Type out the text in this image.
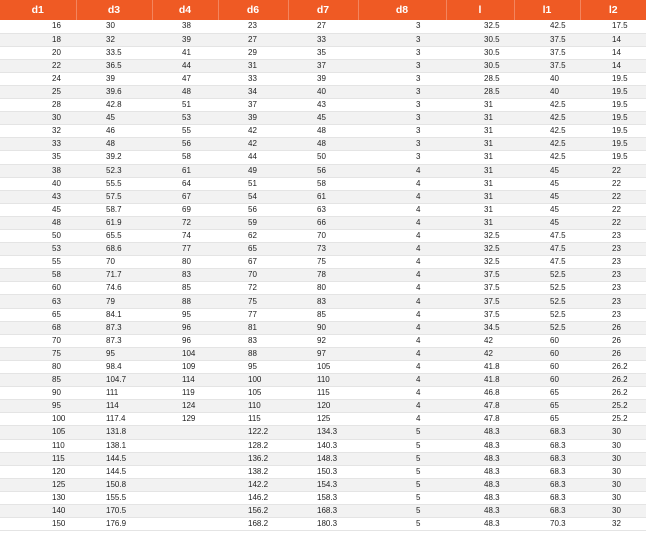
d1	d3	d4	d6	d7	d8	l	l1	l2
16	30	38	23	27	3	32.5	42.5	17.5
18	32	39	27	33	3	30.5	37.5	14
20	33.5	41	29	35	3	30.5	37.5	14
22	36.5	44	31	37	3	30.5	37.5	14
24	39	47	33	39	3	28.5	40	19.5
25	39.6	48	34	40	3	28.5	40	19.5
28	42.8	51	37	43	3	31	42.5	19.5
30	45	53	39	45	3	31	42.5	19.5
32	46	55	42	48	3	31	42.5	19.5
33	48	56	42	48	3	31	42.5	19.5
35	39.2	58	44	50	3	31	42.5	19.5
38	52.3	61	49	56	4	31	45	22
40	55.5	64	51	58	4	31	45	22
43	57.5	67	54	61	4	31	45	22
45	58.7	69	56	63	4	31	45	22
48	61.9	72	59	66	4	31	45	22
50	65.5	74	62	70	4	32.5	47.5	23
53	68.6	77	65	73	4	32.5	47.5	23
55	70	80	67	75	4	32.5	47.5	23
58	71.7	83	70	78	4	37.5	52.5	23
60	74.6	85	72	80	4	37.5	52.5	23
63	79	88	75	83	4	37.5	52.5	23
65	84.1	95	77	85	4	37.5	52.5	23
68	87.3	96	81	90	4	34.5	52.5	26
70	87.3	96	83	92	4	42	60	26
75	95	104	88	97	4	42	60	26
80	98.4	109	95	105	4	41.8	60	26.2
85	104.7	114	100	110	4	41.8	60	26.2
90	111	119	105	115	4	46.8	65	26.2
95	114	124	110	120	4	47.8	65	25.2
100	117.4	129	115	125	4	47.8	65	25.2
105	131.8		122.2	134.3	5	48.3	68.3	30
110	138.1		128.2	140.3	5	48.3	68.3	30
115	144.5		136.2	148.3	5	48.3	68.3	30
120	144.5		138.2	150.3	5	48.3	68.3	30
125	150.8		142.2	154.3	5	48.3	68.3	30
130	155.5		146.2	158.3	5	48.3	68.3	30
140	170.5		156.2	168.3	5	48.3	68.3	30
150	176.9		168.2	180.3	5	48.3	70.3	32
